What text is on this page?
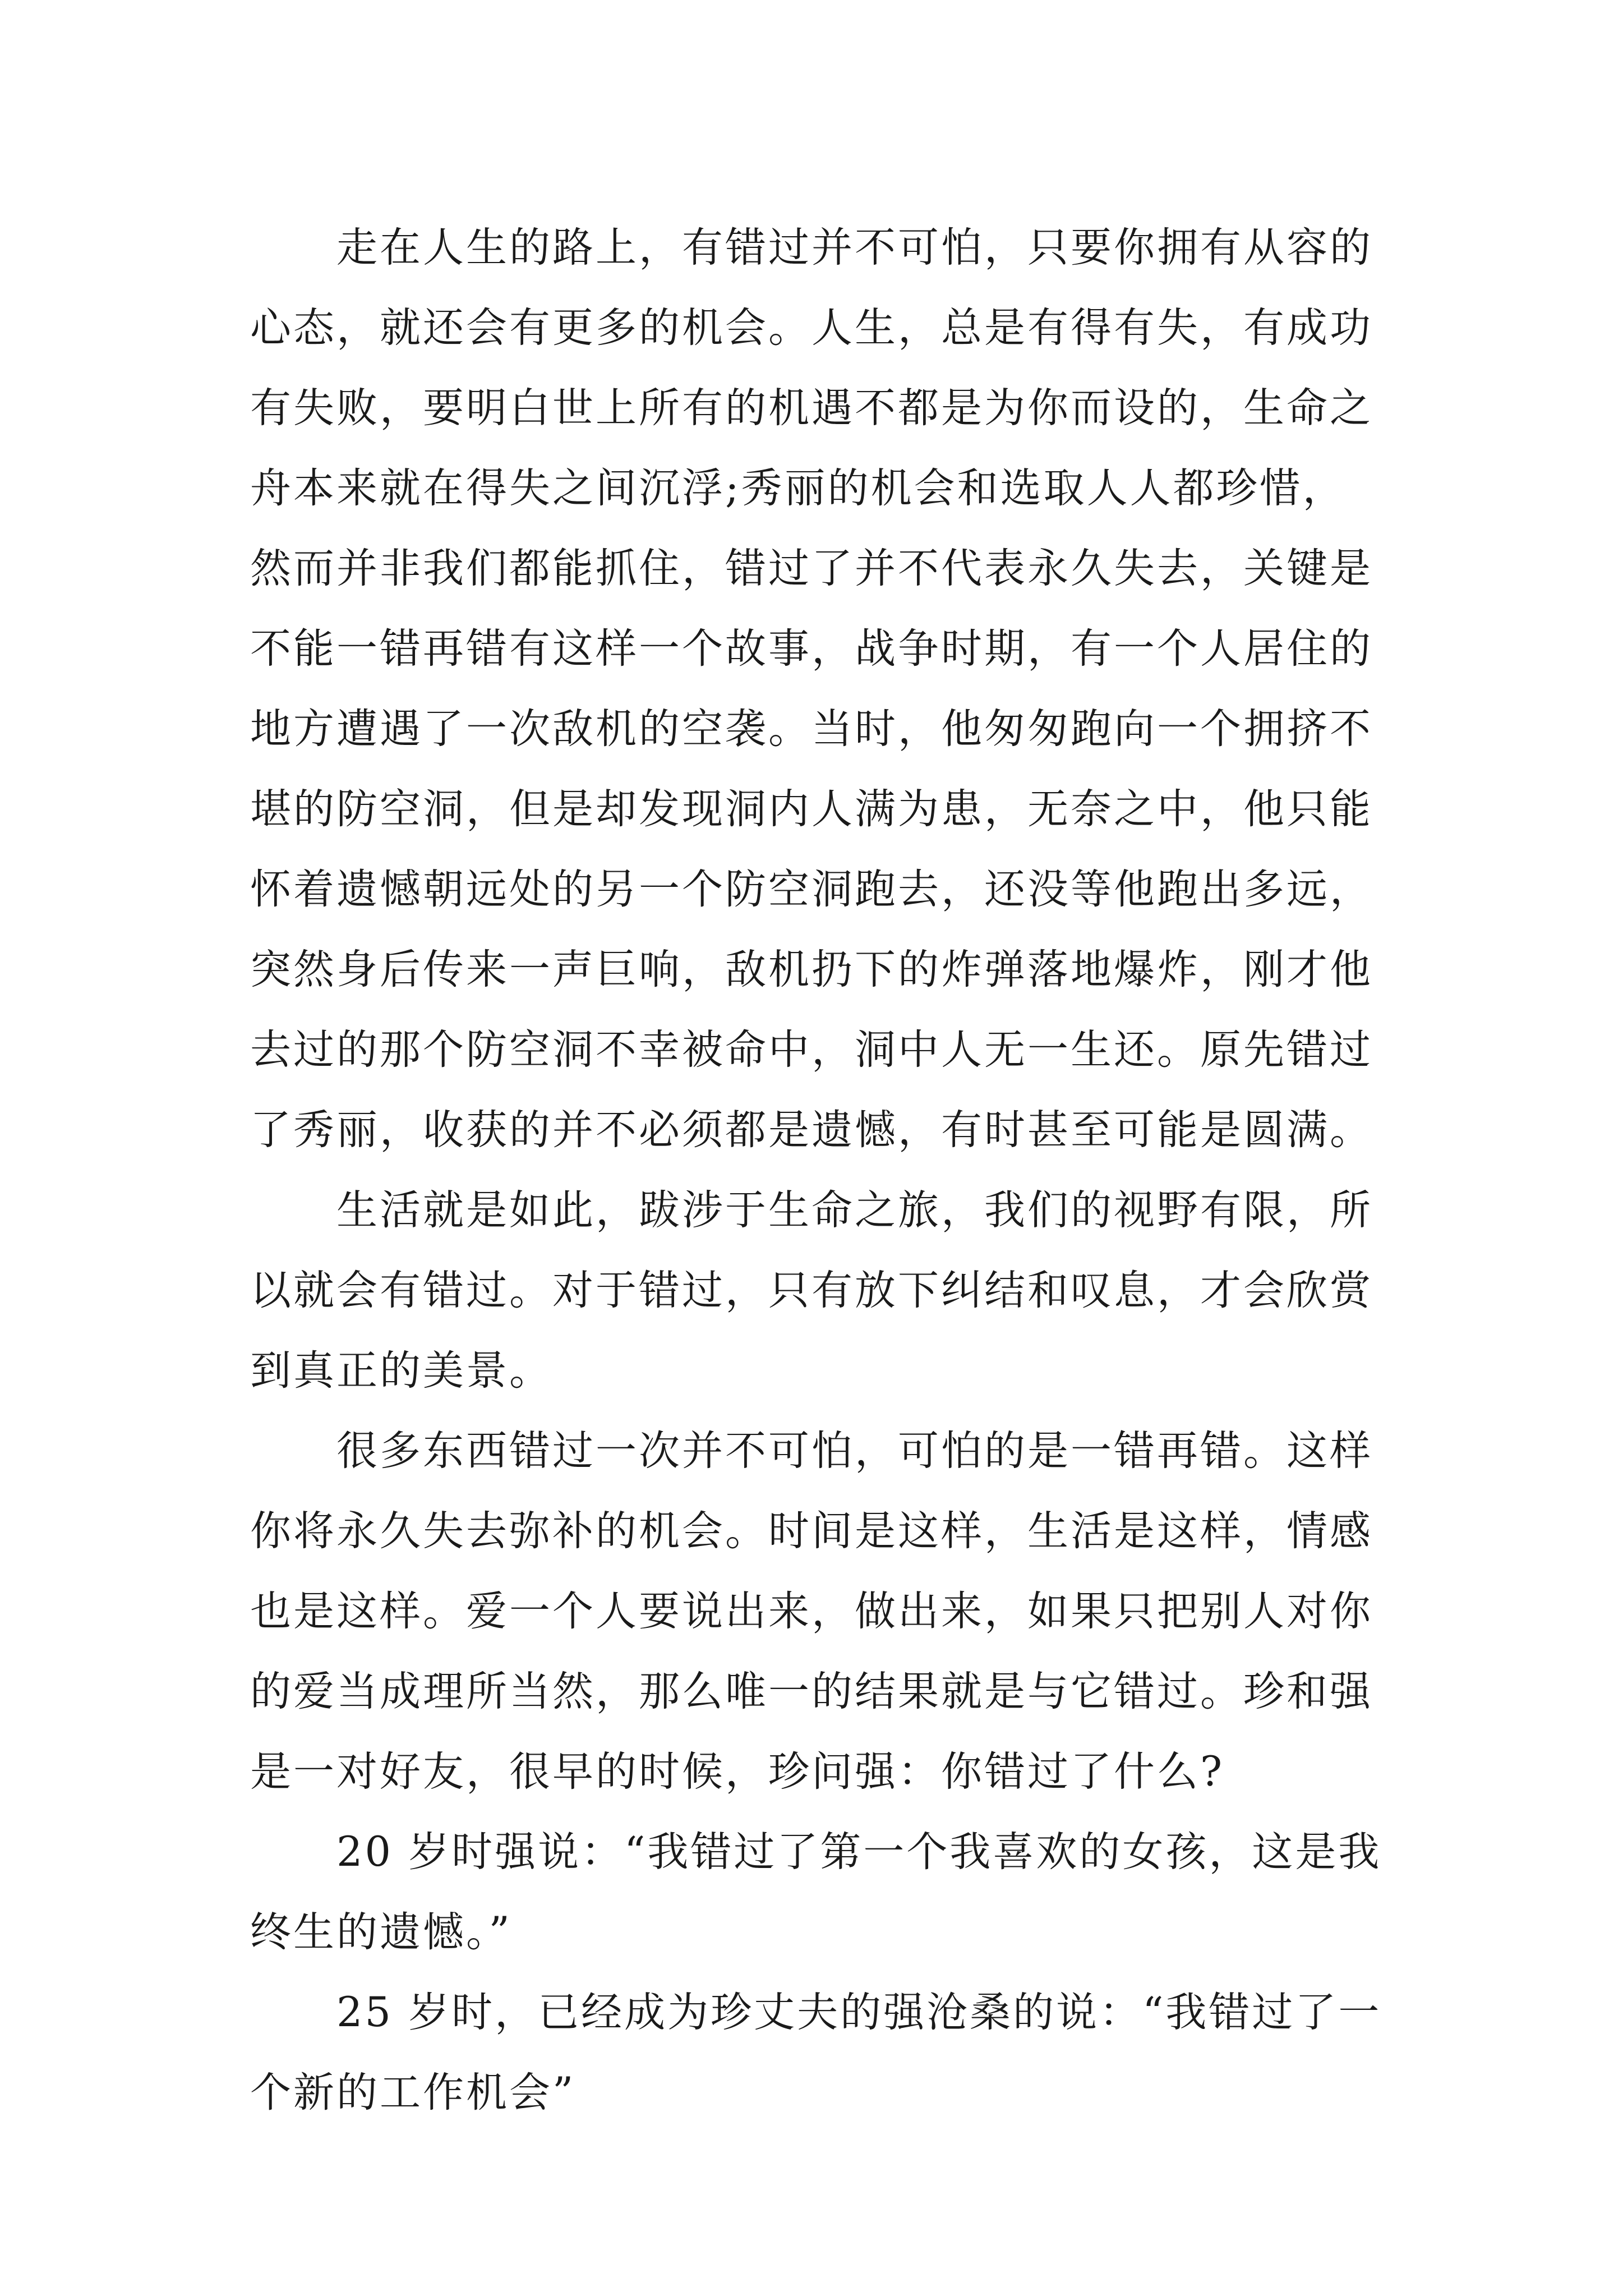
　　走在人生的路上，有错过并不可怕，只要你拥有从容的
心态，就还会有更多的机会。人生，总是有得有失，有成功
有失败，要明白世上所有的机遇不都是为你而设的，生命之
舟本来就在得失之间沉浮;秀丽的机会和选取人人都珍惜，
然而并非我们都能抓住，错过了并不代表永久失去，关键是
不能一错再错有这样一个故事，战争时期，有一个人居住的
地方遭遇了一次敌机的空袭。当时，他匆匆跑向一个拥挤不
堪的防空洞，但是却发现洞内人满为患，无奈之中，他只能
怀着遗憾朝远处的另一个防空洞跑去，还没等他跑出多远，
突然身后传来一声巨响，敌机扔下的炸弹落地爆炸，刚才他
去过的那个防空洞不幸被命中，洞中人无一生还。原先错过
了秀丽，收获的并不必须都是遗憾，有时甚至可能是圆满。
　　生活就是如此，跋涉于生命之旅，我们的视野有限，所
以就会有错过。对于错过，只有放下纠结和叹息，才会欣赏
到真正的美景。
　　很多东西错过一次并不可怕，可怕的是一错再错。这样
你将永久失去弥补的机会。时间是这样，生活是这样，情感
也是这样。爱一个人要说出来，做出来，如果只把别人对你
的爱当成理所当然，那么唯一的结果就是与它错过。珍和强
是一对好友，很早的时候，珍问强：你错过了什么?
　　20 岁时强说：“我错过了第一个我喜欢的女孩，这是我
终生的遗憾。”
　　25 岁时，已经成为珍丈夫的强沧桑的说：“我错过了一
个新的工作机会”
